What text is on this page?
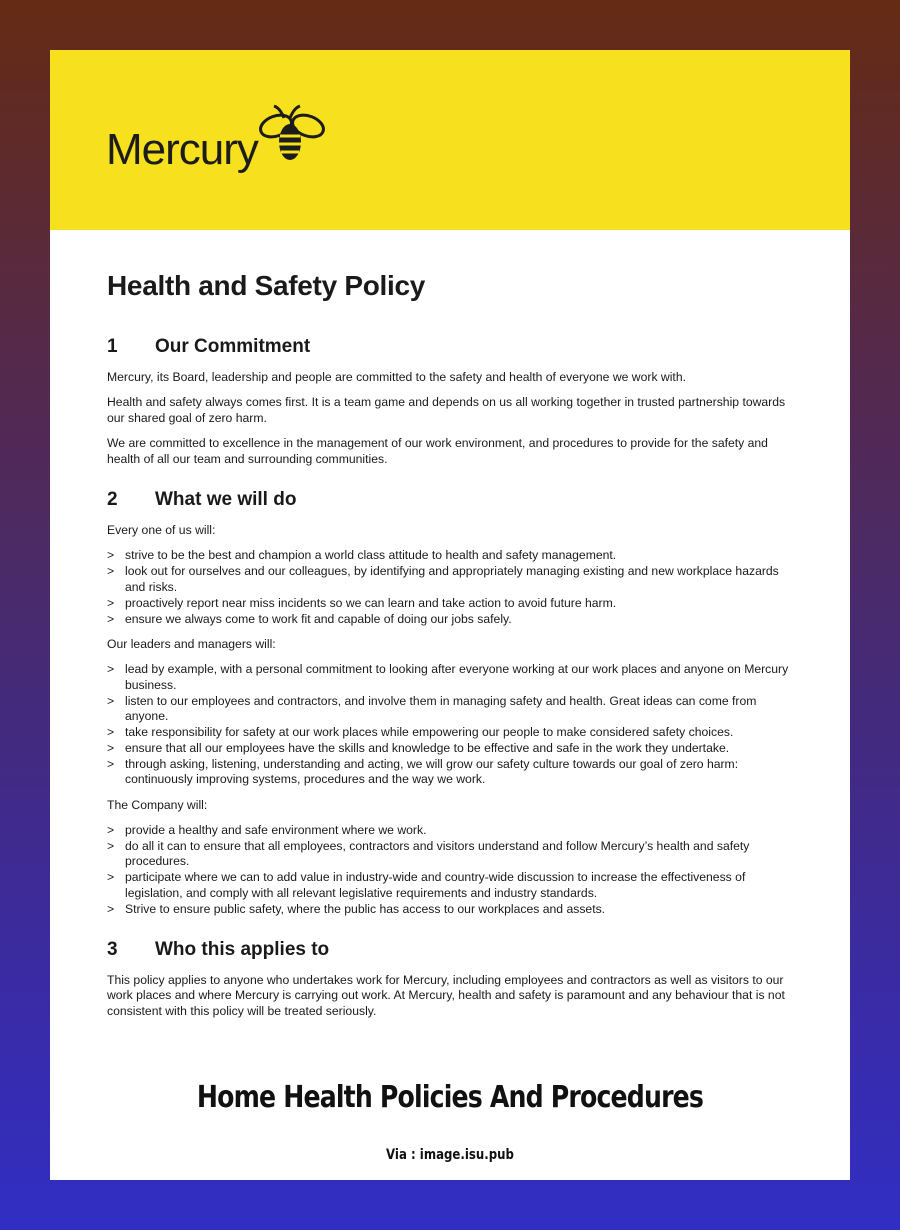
Mercury
Health and Safety Policy
1	Our Commitment

Mercury, its Board, leadership and people are committed to the safety and health of everyone we work with.

Health and safety always comes first. It is a team game and depends on us all working together in trusted partnership towards our shared goal of zero harm.

We are committed to excellence in the management of our work environment, and procedures to provide for the safety and health of all our team and surrounding communities.

2	What we will do

Every one of us will:

> strive to be the best and champion a world class attitude to health and safety management.
> look out for ourselves and our colleagues, by identifying and appropriately managing existing and new workplace hazards and risks.
> proactively report near miss incidents so we can learn and take action to avoid future harm.
> ensure we always come to work fit and capable of doing our jobs safely.

Our leaders and managers will:

> lead by example, with a personal commitment to looking after everyone working at our work places and anyone on Mercury business.
> listen to our employees and contractors, and involve them in managing safety and health. Great ideas can come from anyone.
> take responsibility for safety at our work places while empowering our people to make considered safety choices.
> ensure that all our employees have the skills and knowledge to be effective and safe in the work they undertake.
> through asking, listening, understanding and acting, we will grow our safety culture towards our goal of zero harm: continuously improving systems, procedures and the way we work.

The Company will:

> provide a healthy and safe environment where we work.
> do all it can to ensure that all employees, contractors and visitors understand and follow Mercury’s health and safety procedures.
> participate where we can to add value in industry-wide and country-wide discussion to increase the effectiveness of legislation, and comply with all relevant legislative requirements and industry standards.
> Strive to ensure public safety, where the public has access to our workplaces and assets.
3	Who this applies to

This policy applies to anyone who undertakes work for Mercury, including employees and contractors as well as visitors to our work places and where Mercury is carrying out work. At Mercury, health and safety is paramount and any behaviour that is not consistent with this policy will be treated seriously.

Home Health Policies And Procedures
Via : image.isu.pub
